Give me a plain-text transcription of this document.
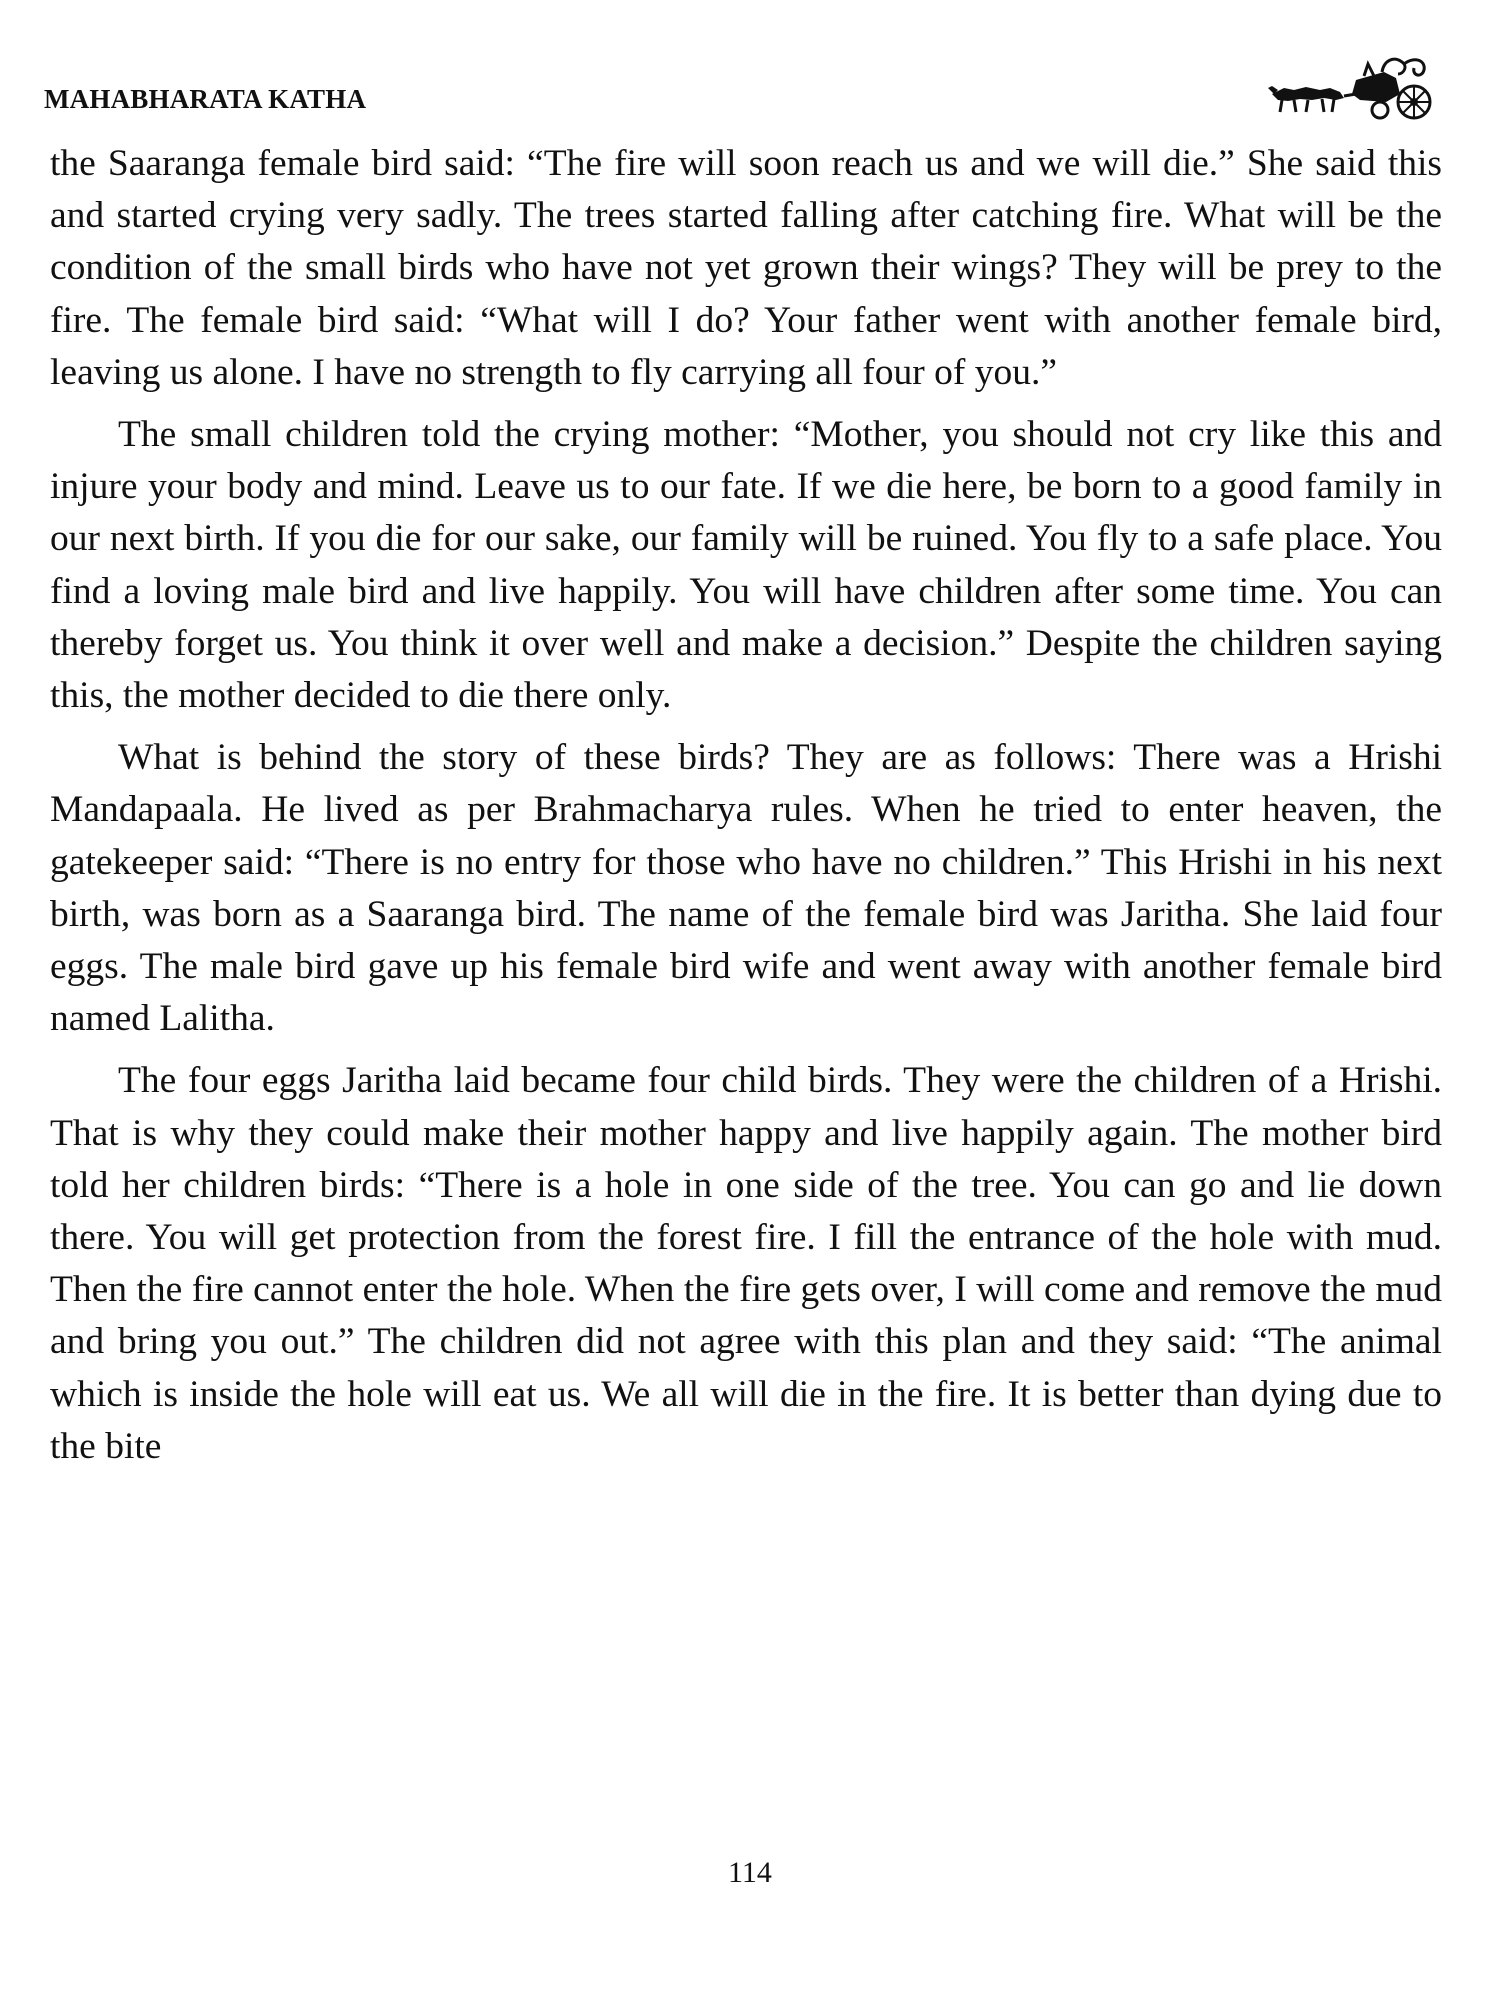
MAHABHARATA KATHA

the Saaranga female bird said: “The fire will soon reach us and we will die.” She said this and started crying very sadly. The trees started falling after catching fire. What will be the condition of the small birds who have not yet grown their wings? They will be prey to the fire. The female bird said: “What will I do? Your father went with another female bird, leaving us alone. I have no strength to fly carrying all four of you.”

The small children told the crying mother: “Mother, you should not cry like this and injure your body and mind. Leave us to our fate. If we die here, be born to a good family in our next birth. If you die for our sake, our family will be ruined. You fly to a safe place. You find a loving male bird and live happily. You will have children after some time. You can thereby forget us. You think it over well and make a decision.” Despite the children saying this, the mother decided to die there only.

What is behind the story of these birds? They are as follows: There was a Hrishi Mandapaala. He lived as per Brahmacharya rules. When he tried to enter heaven, the gatekeeper said: “There is no entry for those who have no children.” This Hrishi in his next birth, was born as a Saaranga bird. The name of the female bird was Jaritha. She laid four eggs. The male bird gave up his female bird wife and went away with another female bird named Lalitha.

The four eggs Jaritha laid became four child birds. They were the children of a Hrishi. That is why they could make their mother happy and live happily again. The mother bird told her children birds: “There is a hole in one side of the tree. You can go and lie down there. You will get protection from the forest fire. I fill the entrance of the hole with mud. Then the fire cannot enter the hole. When the fire gets over, I will come and remove the mud and bring you out.” The children did not agree with this plan and they said: “The animal which is inside the hole will eat us. We all will die in the fire. It is better than dying due to the bite

114
